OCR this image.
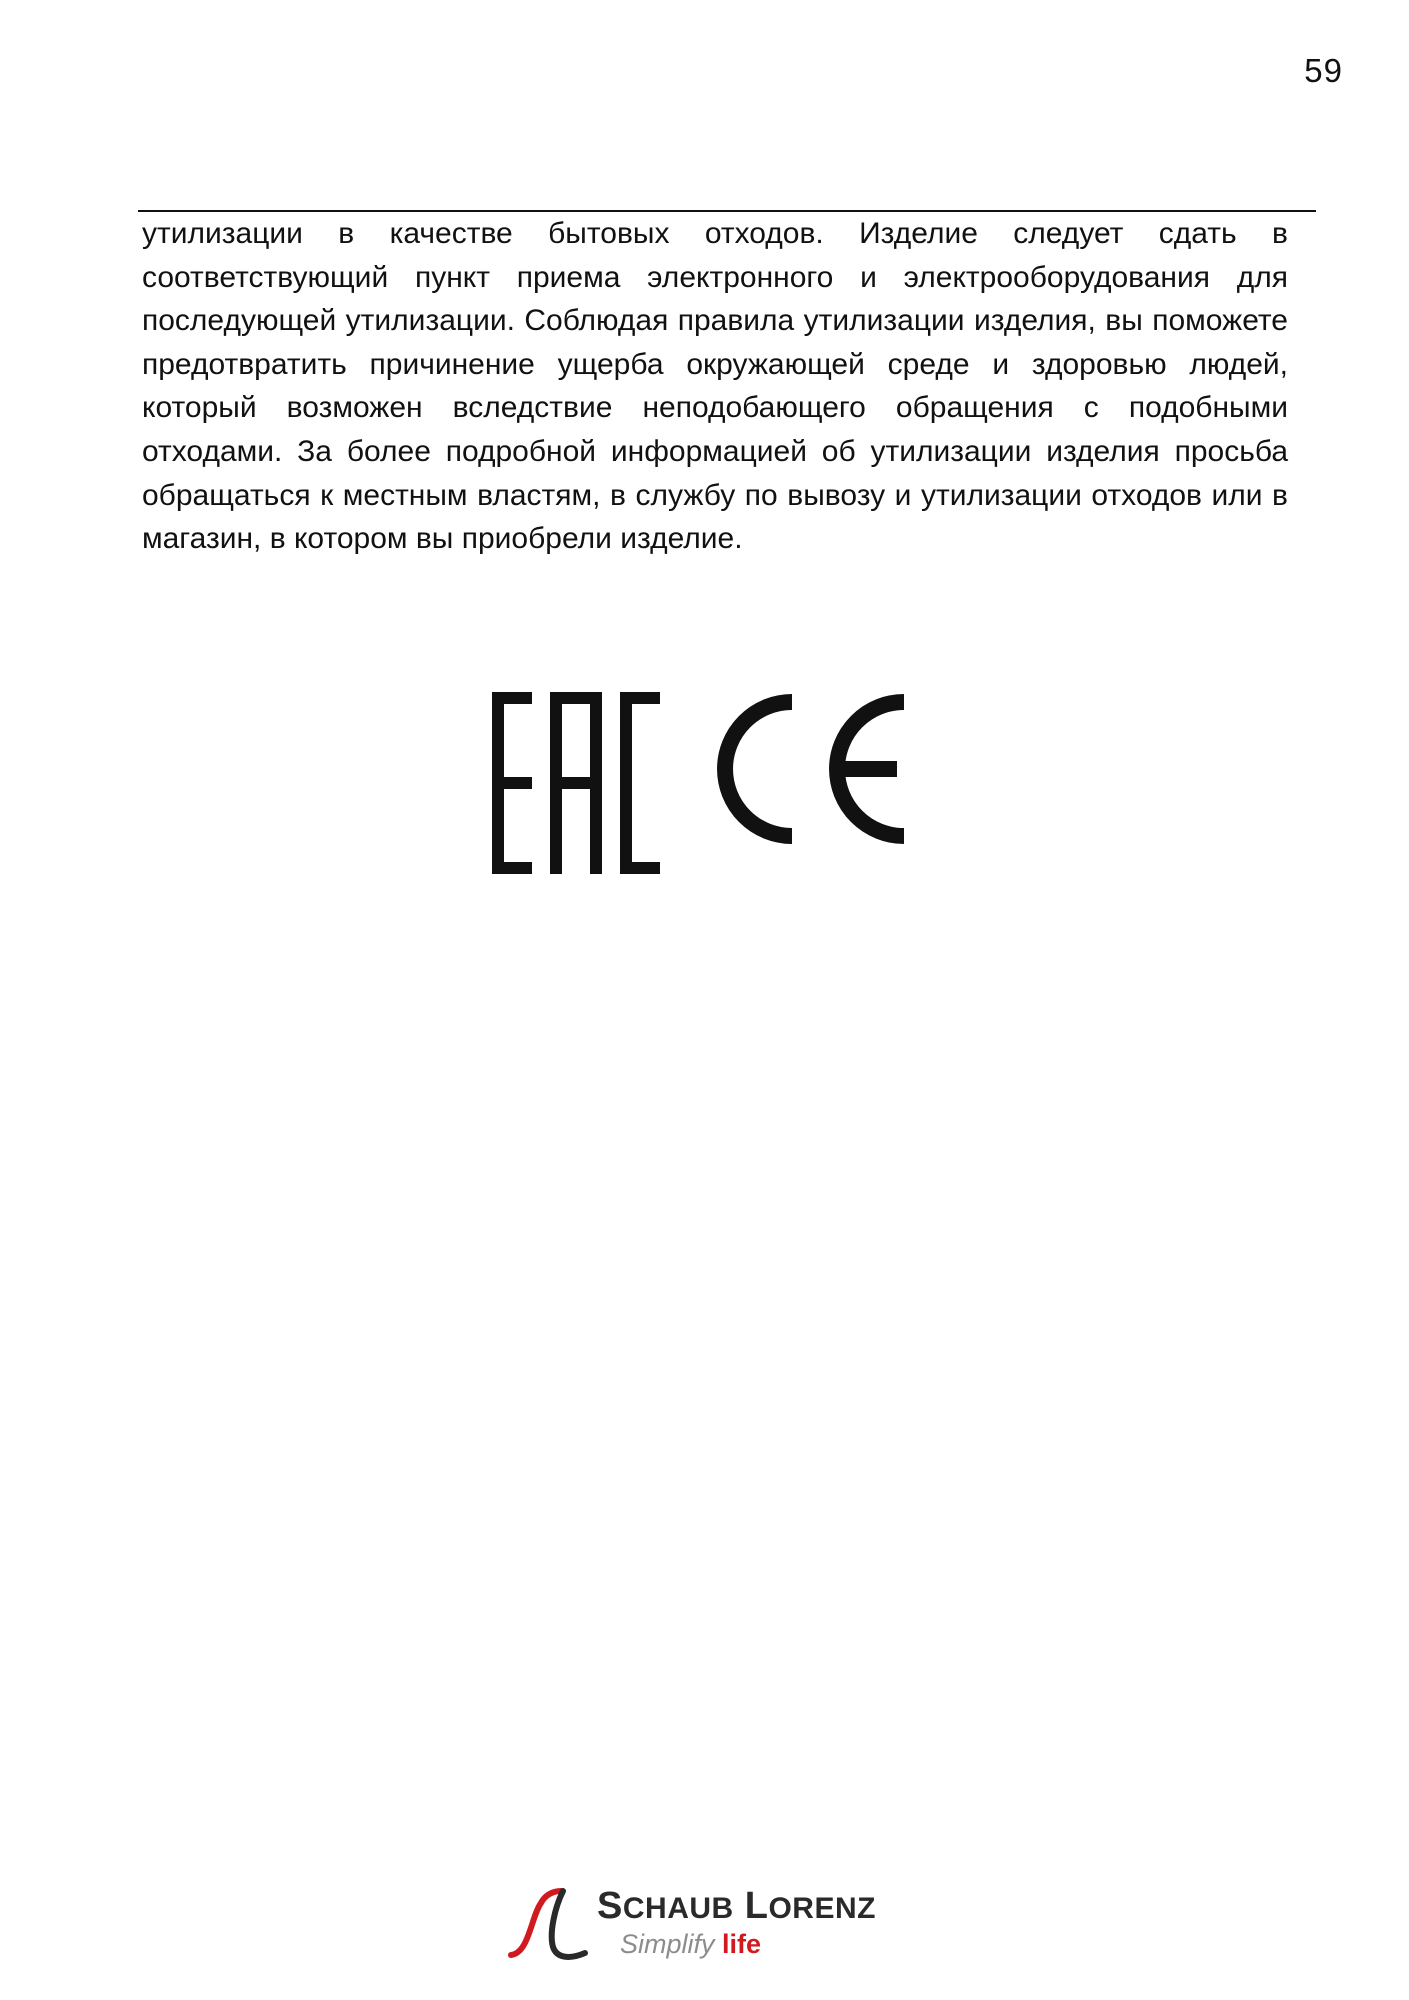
59

утилизации в качестве бытовых отходов. Изделие следует сдать в соответствующий пункт приема электронного и электрооборудования для последующей утилизации. Соблюдая правила утилизации изделия, вы поможете предотвратить причинение ущерба окружающей среде и здоровью людей, который возможен вследствие неподобающего обращения с подобными отходами. За более подробной информацией об утилизации изделия просьба обращаться к местным властям, в службу по вывозу и утилизации отходов или в магазин, в котором вы приобрели изделие.

SCHAUB LORENZ
Simplify life
